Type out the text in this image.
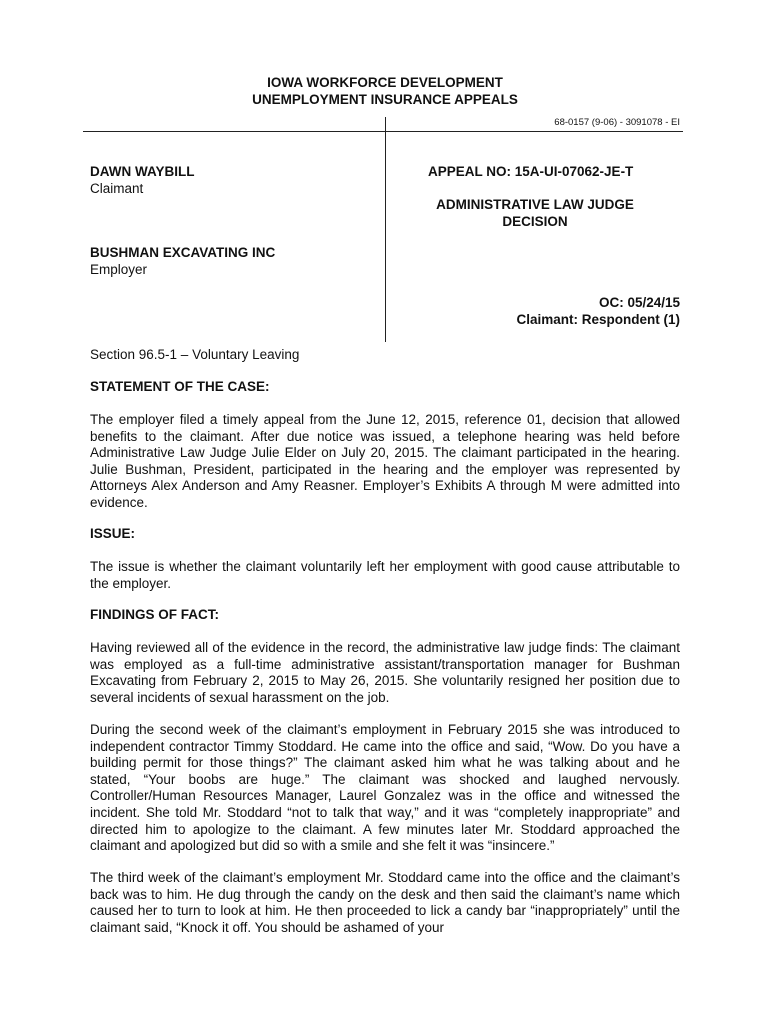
IOWA WORKFORCE DEVELOPMENT
UNEMPLOYMENT INSURANCE APPEALS
68-0157 (9-06) - 3091078 - EI
DAWN WAYBILL
Claimant
BUSHMAN EXCAVATING INC
Employer
APPEAL NO: 15A-UI-07062-JE-T
ADMINISTRATIVE LAW JUDGE
DECISION
OC: 05/24/15
Claimant: Respondent (1)
Section 96.5-1 – Voluntary Leaving
STATEMENT OF THE CASE:

The employer filed a timely appeal from the June 12, 2015, reference 01, decision that allowed benefits to the claimant. After due notice was issued, a telephone hearing was held before Administrative Law Judge Julie Elder on July 20, 2015. The claimant participated in the hearing. Julie Bushman, President, participated in the hearing and the employer was represented by Attorneys Alex Anderson and Amy Reasner. Employer’s Exhibits A through M were admitted into evidence.

ISSUE:

The issue is whether the claimant voluntarily left her employment with good cause attributable to the employer.

FINDINGS OF FACT:

Having reviewed all of the evidence in the record, the administrative law judge finds: The claimant was employed as a full-time administrative assistant/transportation manager for Bushman Excavating from February 2, 2015 to May 26, 2015. She voluntarily resigned her position due to several incidents of sexual harassment on the job.

During the second week of the claimant’s employment in February 2015 she was introduced to independent contractor Timmy Stoddard. He came into the office and said, “Wow. Do you have a building permit for those things?” The claimant asked him what he was talking about and he stated, “Your boobs are huge.” The claimant was shocked and laughed nervously. Controller/Human Resources Manager, Laurel Gonzalez was in the office and witnessed the incident. She told Mr. Stoddard “not to talk that way,” and it was “completely inappropriate” and directed him to apologize to the claimant. A few minutes later Mr. Stoddard approached the claimant and apologized but did so with a smile and she felt it was “insincere.”

The third week of the claimant’s employment Mr. Stoddard came into the office and the claimant’s back was to him. He dug through the candy on the desk and then said the claimant’s name which caused her to turn to look at him. He then proceeded to lick a candy bar “inappropriately” until the claimant said, “Knock it off. You should be ashamed of your
